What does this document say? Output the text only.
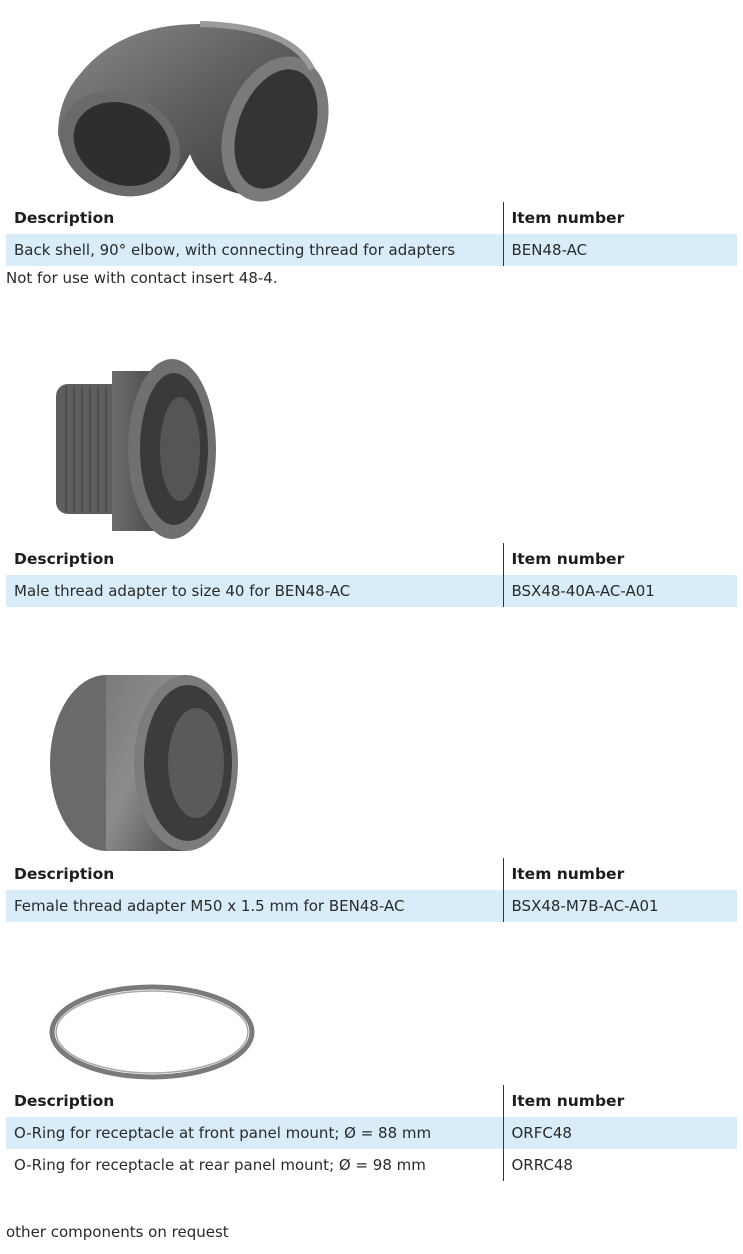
Description	Item number
Back shell, 90° elbow, with connecting thread for adapters	BEN48-AC
Not for use with contact insert 48-4.
Description	Item number
Male thread adapter to size 40 for BEN48-AC	BSX48-40A-AC-A01
Description	Item number
Female thread adapter M50 x 1.5 mm for BEN48-AC	BSX48-M7B-AC-A01
Description	Item number
O-Ring for receptacle at front panel mount; Ø = 88 mm	ORFC48
O-Ring for receptacle at rear panel mount; Ø = 98 mm	ORRC48
other components on request
